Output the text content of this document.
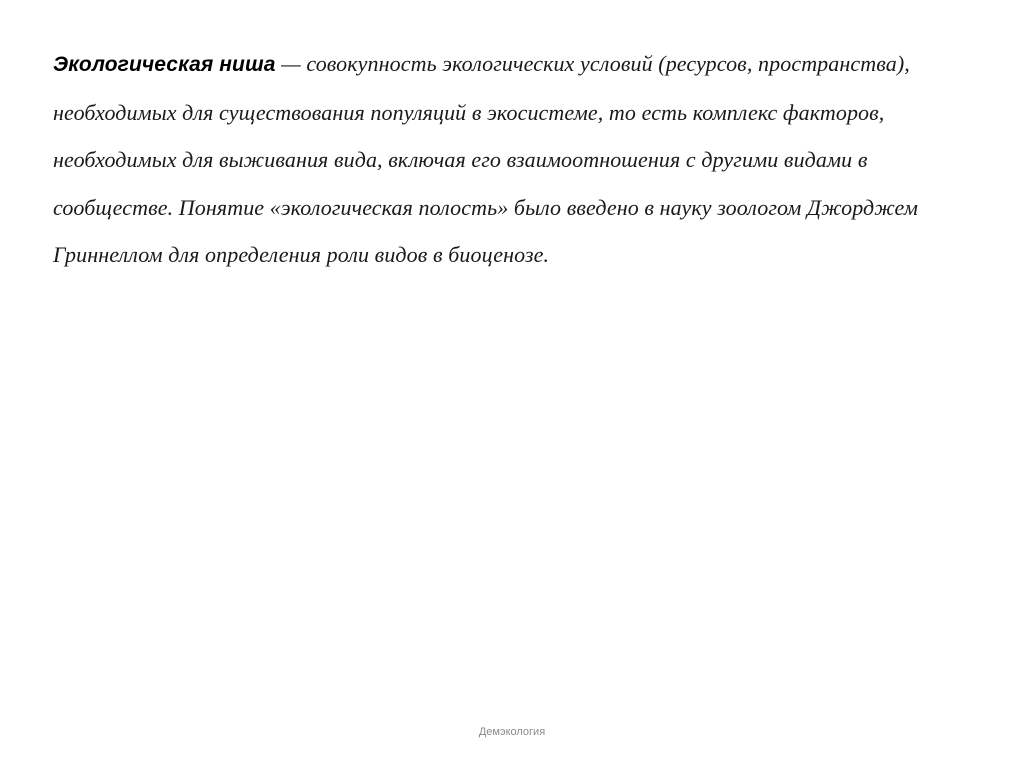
Экологическая ниша — совокупность экологических условий (ресурсов, пространства), необходимых для существования популяций в экосистеме, то есть комплекс факторов, необходимых для выживания вида, включая его взаимоотношения с другими видами в сообществе. Понятие «экологическая полость» было введено в науку зоологом Джорджем Гриннеллом для определения роли видов в биоценозе.

Демэкология
